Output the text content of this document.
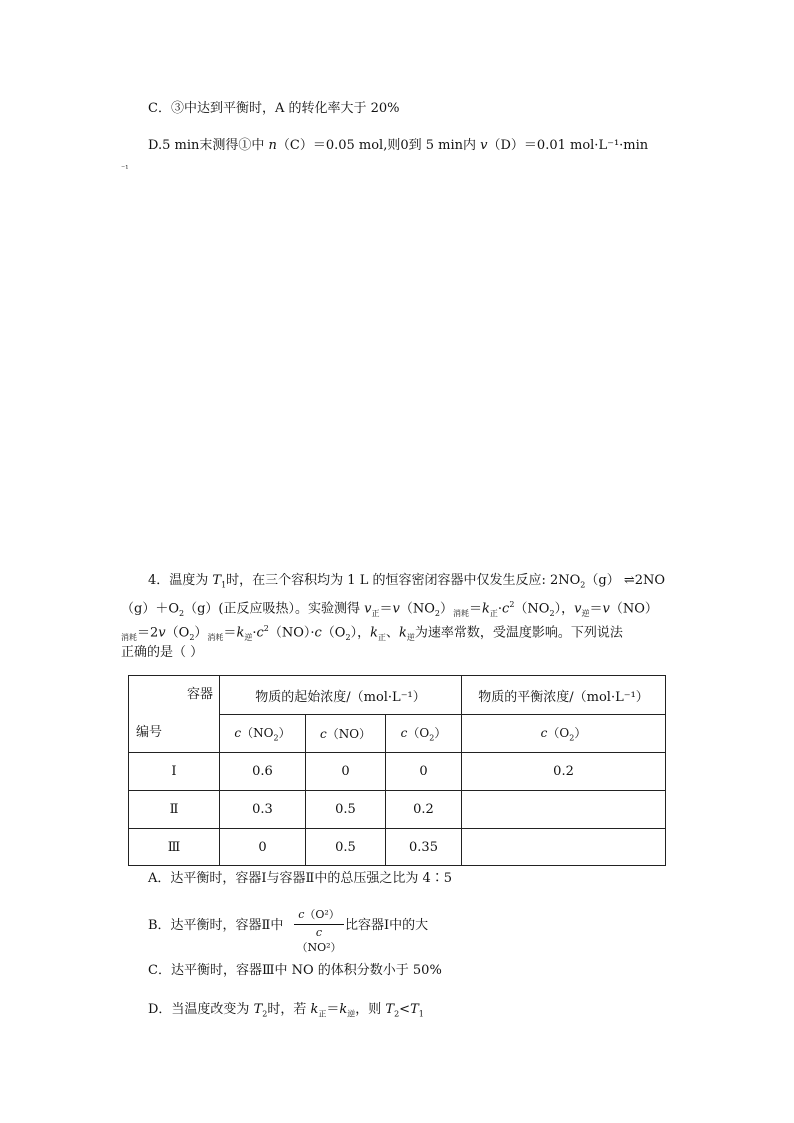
C．③中达到平衡时，A 的转化率大于 20%
D.5 min末测得①中 n（C）＝0.05 mol,则0到 5 min内 v（D）＝0.01 mol·L⁻¹·min
⁻¹
4．温度为 $T_1$时，在三个容积均为 1 L 的恒容密闭容器中仅发生反应: $2NO_2(g)$ ⇌2NO
$(g)+O_2(g)$(正反应吸热）。实验测得 $v_正=v(NO_2)_{消耗}=k_正\cdot c^2(NO_2)$，$v_逆=v(NO)$
$_{消耗}=2v(O_2)_{消耗}=k_逆\cdot c^2(NO)\cdot c(O_2)$，$k_正$、$k_逆$为速率常数，受温度影响。下列说法
正确的是（ ）
容器
编号	物质的起始浓度/（mol·L⁻¹）			物质的平衡浓度/（mol·L⁻¹）
	$c(NO_2)$	c（NO）	$c(O_2)$	$c(O_2)$
Ⅰ	0.6	0	0	0.2
Ⅱ	0.3	0.5	0.2	
Ⅲ	0	0.5	0.35	
A．达平衡时，容器Ⅰ与容器Ⅱ中的总压强之比为 4∶5
B．达平衡时，容器Ⅱ中 $\frac{\text{c（O²）}}{\text{c（NO²）}}$ 比容器Ⅰ中的大
C．达平衡时，容器Ⅲ中 NO 的体积分数小于 50%
D．当温度改变为 $T_2$时，若 $k_正=k_逆$，则 $T_2<T_1$
